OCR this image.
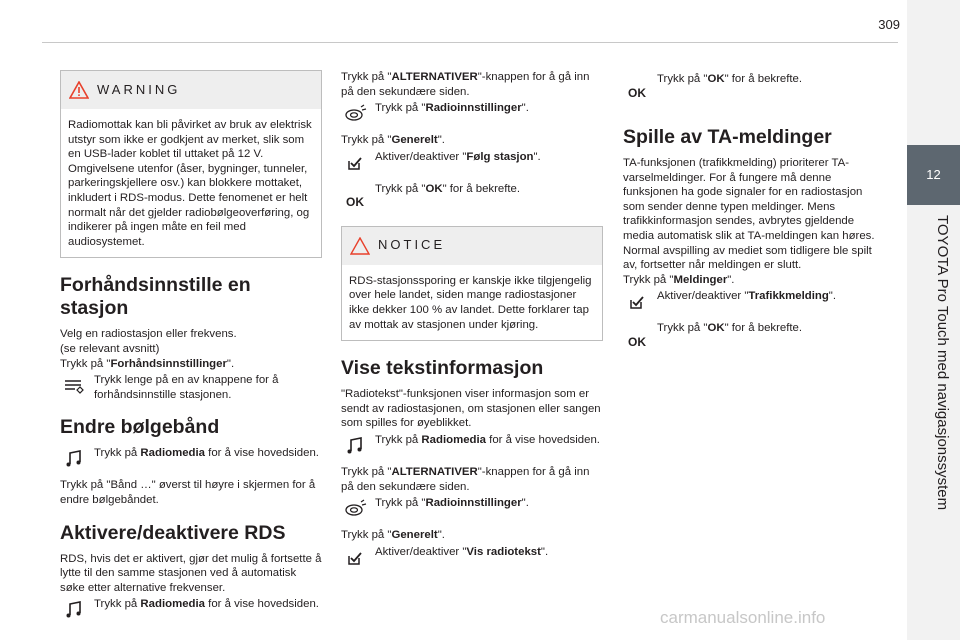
309
12
TOYOTA Pro Touch med navigasjonssystem
WARNING

Radiomottak kan bli påvirket av bruk av elektrisk utstyr som ikke er godkjent av merket, slik som en USB-lader koblet til uttaket på 12 V.

Omgivelsene utenfor (åser, bygninger, tunneler, parkeringskjellere osv.) kan blokkere mottaket, inkludert i RDS-modus. Dette fenomenet er helt normalt når det gjelder radiobølgeoverføring, og indikerer på ingen måte en feil med audiosystemet.

Forhåndsinnstille en stasjon

Velg en radiostasjon eller frekvens.

(se relevant avsnitt)

Trykk på "Forhåndsinnstillinger".

Trykk lenge på en av knappene for å forhåndsinnstille stasjonen.
Endre bølgebånd
Trykk på Radiomedia for å vise hovedsiden.

Trykk på "Bånd …" øverst til høyre i skjermen for å endre bølgebåndet.

Aktivere/deaktivere RDS

RDS, hvis det er aktivert, gjør det mulig å fortsette å lytte til den samme stasjonen ved å automatisk søke etter alternative frekvenser.

Trykk på Radiomedia for å vise hovedsiden.

Trykk på "ALTERNATIVER"-knappen for å gå inn på den sekundære siden.

Trykk på "Radioinnstillinger".

Trykk på "Generelt".

Aktiver/deaktiver "Følg stasjon".
OK
Trykk på "OK" for å bekrefte.
NOTICE

RDS-stasjonssporing er kanskje ikke tilgjengelig over hele landet, siden mange radiostasjoner ikke dekker 100 % av landet. Dette forklarer tap av mottak av stasjonen under kjøring.

Vise tekstinformasjon

"Radiotekst"-funksjonen viser informasjon som er sendt av radiostasjonen, om stasjonen eller sangen som spilles for øyeblikket.

Trykk på Radiomedia for å vise hovedsiden.

Trykk på "ALTERNATIVER"-knappen for å gå inn på den sekundære siden.

Trykk på "Radioinnstillinger".

Trykk på "Generelt".

Aktiver/deaktiver "Vis radiotekst".
OK
Trykk på "OK" for å bekrefte.
Spille av TA-meldinger

TA-funksjonen (trafikkmelding) prioriterer TA-varselmeldinger. For å fungere må denne funksjonen ha gode signaler for en radiostasjon som sender denne typen meldinger. Mens trafikkinformasjon sendes, avbrytes gjeldende media automatisk slik at TA-meldingen kan høres. Normal avspilling av mediet som tidligere ble spilt av, fortsetter når meldingen er slutt.

Trykk på "Meldinger".

Aktiver/deaktiver "Trafikkmelding".
OK
Trykk på "OK" for å bekrefte.
carmanualsonline.info
